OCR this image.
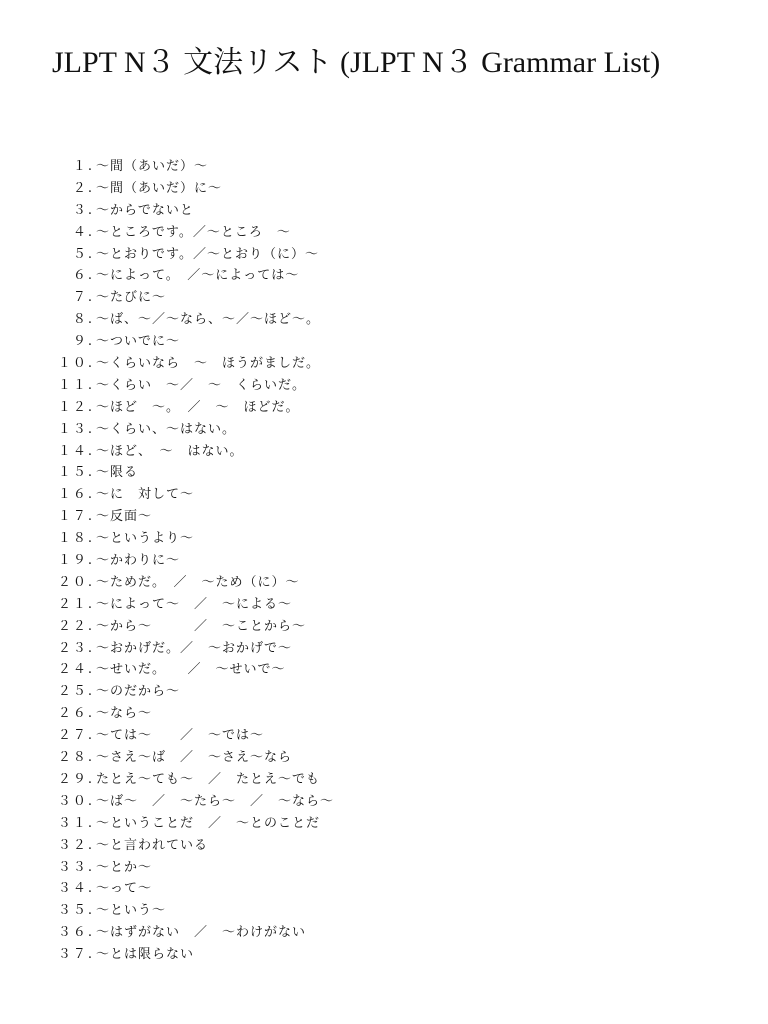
JLPT N３ 文法リスト (JLPT N３ Grammar List)
１. 〜間（あいだ）〜
２. 〜間（あいだ）に〜
３. 〜からでないと
４. 〜ところです。／〜ところ　〜
５. 〜とおりです。／〜とおり（に）〜
６. 〜によって。　／〜によっては〜
７. 〜たびに〜
８. 〜ば、〜／〜なら、〜／〜ほど〜。
９. 〜ついでに〜
１０. 〜くらいなら　〜　ほうがましだ。
１１. 〜くらい　〜／　〜　くらいだ。
１２. 〜ほど　〜。　／　〜　ほどだ。
１３. 〜くらい、〜はない。
１４. 〜ほど、　〜　はない。
１５. 〜限る
１６. 〜に　対して〜
１７. 〜反面〜
１８. 〜というより〜
１９. 〜かわりに〜
２０. 〜ためだ。　／　〜ため（に）〜
２１. 〜によって〜　／　〜による〜
２２. 〜から〜　　　／　〜ことから〜
２３. 〜おかげだ。／　〜おかげで〜
２４. 〜せいだ。　　／　〜せいで〜
２５. 〜のだから〜
２６. 〜なら〜
２７. 〜ては〜　　／　〜では〜
２８. 〜さえ〜ば　／　〜さえ〜なら
２９. たとえ〜ても〜　／　たとえ〜でも
３０. 〜ば〜　／　〜たら〜　／　〜なら〜
３１. 〜ということだ　／　〜とのことだ
３２. 〜と言われている
３３. 〜とか〜
３４. 〜って〜
３５. 〜という〜
３６. 〜はずがない　／　〜わけがない
３７. 〜とは限らない
